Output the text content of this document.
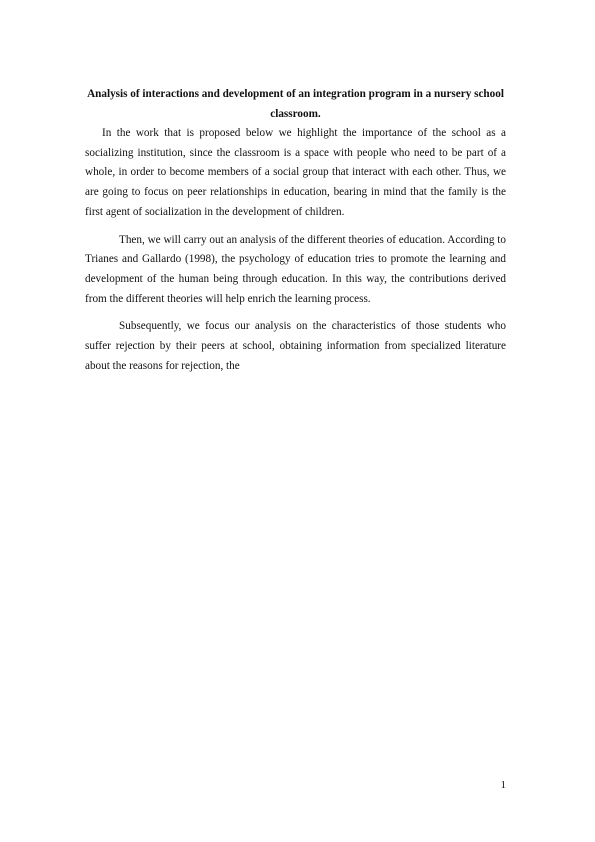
Analysis of interactions and development of an integration program in a nursery school classroom.

In the work that is proposed below we highlight the importance of the school as a socializing institution, since the classroom is a space with people who need to be part of a whole, in order to become members of a social group that interact with each other. Thus, we are going to focus on peer relationships in education, bearing in mind that the family is the first agent of socialization in the development of children.

Then, we will carry out an analysis of the different theories of education. According to Trianes and Gallardo (1998), the psychology of education tries to promote the learning and development of the human being through education. In this way, the contributions derived from the different theories will help enrich the learning process.

Subsequently, we focus our analysis on the characteristics of those students who suffer rejection by their peers at school, obtaining information from specialized literature about the reasons for rejection, the

1
